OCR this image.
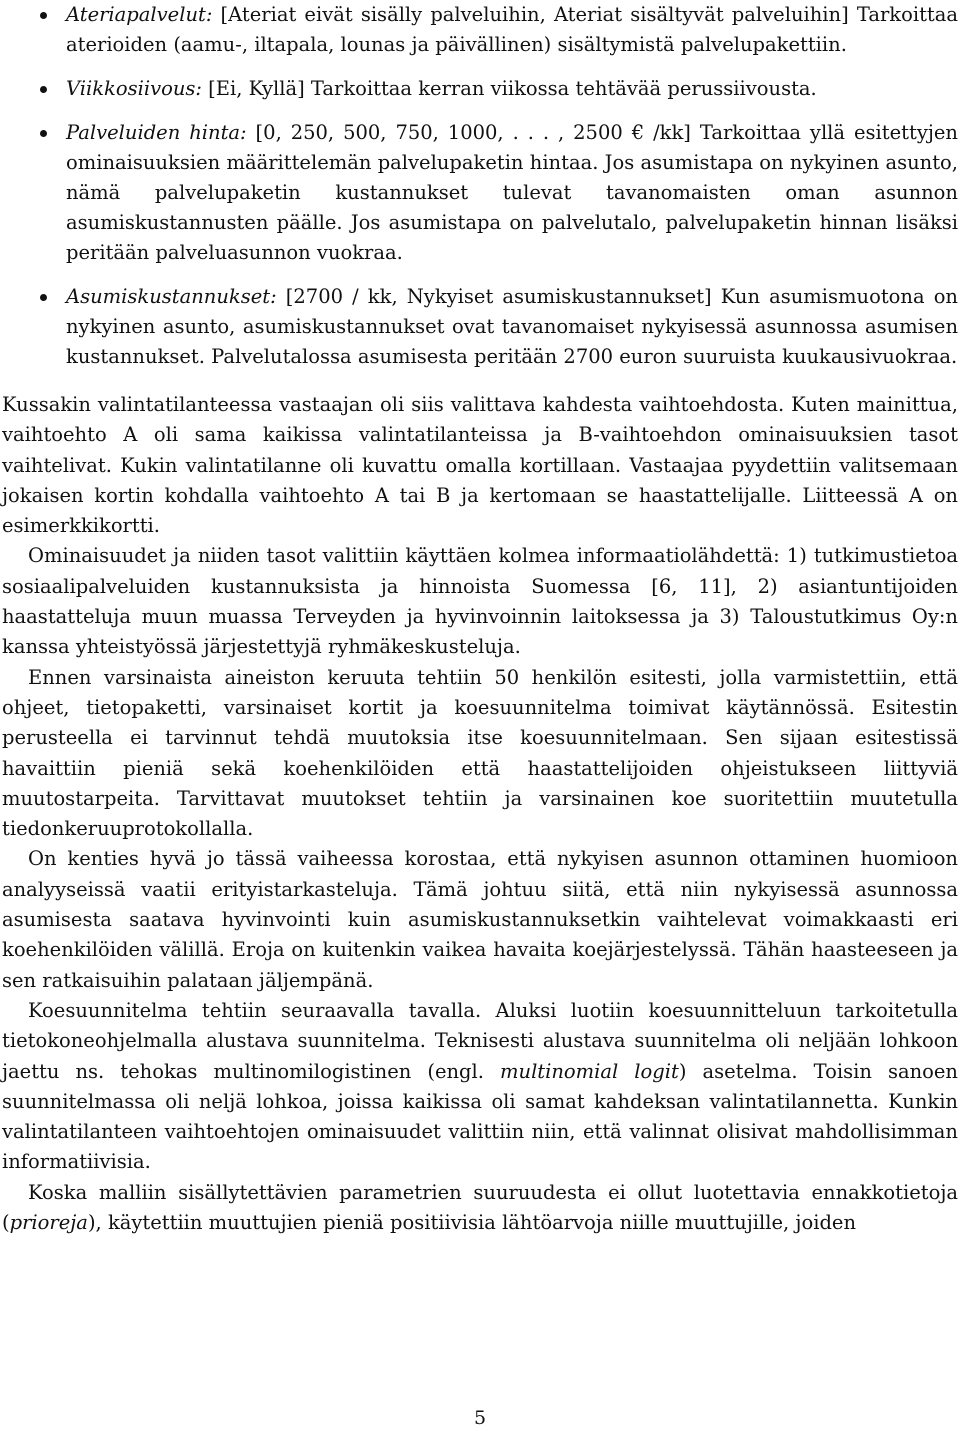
Ateriapalvelut: [Ateriat eivät sisälly palveluihin, Ateriat sisältyvät palveluihin] Tarkoittaa aterioiden (aamu-, iltapala, lounas ja päivällinen) sisältymistä palvelupakettiin.
Viikkosiivous: [Ei, Kyllä] Tarkoittaa kerran viikossa tehtävää perussiivousta.
Palveluiden hinta: [0, 250, 500, 750, 1000, . . . , 2500 € /kk] Tarkoittaa yllä esitettyjen ominaisuuksien määrittelemän palvelupaketin hintaa. Jos asumistapa on nykyinen asunto, nämä palvelupaketin kustannukset tulevat tavanomaisten oman asunnon asumiskustannusten päälle. Jos asumistapa on palvelutalo, palvelupaketin hinnan lisäksi peritään palveluasunnon vuokraa.
Asumiskustannukset: [2700 / kk, Nykyiset asumiskustannukset] Kun asumismuotona on nykyinen asunto, asumiskustannukset ovat tavanomaiset nykyisessä asunnossa asumisen kustannukset. Palvelutalossa asumisesta peritään 2700 euron suuruista kuukausivuokraa.

Kussakin valintatilanteessa vastaajan oli siis valittava kahdesta vaihtoehdosta. Kuten mainittua, vaihtoehto A oli sama kaikissa valintatilanteissa ja B-vaihtoehdon ominaisuuksien tasot vaihtelivat. Kukin valintatilanne oli kuvattu omalla kortillaan. Vastaajaa pyydettiin valitsemaan jokaisen kortin kohdalla vaihtoehto A tai B ja kertomaan se haastattelijalle. Liitteessä A on esimerkkikortti.

Ominaisuudet ja niiden tasot valittiin käyttäen kolmea informaatiolähdettä: 1) tutkimustietoa sosiaalipalveluiden kustannuksista ja hinnoista Suomessa [6, 11], 2) asiantuntijoiden haastatteluja muun muassa Terveyden ja hyvinvoinnin laitoksessa ja 3) Taloustutkimus Oy:n kanssa yhteistyössä järjestettyjä ryhmäkeskusteluja.

Ennen varsinaista aineiston keruuta tehtiin 50 henkilön esitesti, jolla varmistettiin, että ohjeet, tietopaketti, varsinaiset kortit ja koesuunnitelma toimivat käytännössä. Esitestin perusteella ei tarvinnut tehdä muutoksia itse koesuunnitelmaan. Sen sijaan esitestissä havaittiin pieniä sekä koehenkilöiden että haastattelijoiden ohjeistukseen liittyviä muutostarpeita. Tarvittavat muutokset tehtiin ja varsinainen koe suoritettiin muutetulla tiedonkeruuprotokollalla.

On kenties hyvä jo tässä vaiheessa korostaa, että nykyisen asunnon ottaminen huomioon analyyseissä vaatii erityistarkasteluja. Tämä johtuu siitä, että niin nykyisessä asunnossa asumisesta saatava hyvinvointi kuin asumiskustannuksetkin vaihtelevat voimakkaasti eri koehenkilöiden välillä. Eroja on kuitenkin vaikea havaita koejärjestelyssä. Tähän haasteeseen ja sen ratkaisuihin palataan jäljempänä.

Koesuunnitelma tehtiin seuraavalla tavalla. Aluksi luotiin koesuunnitteluun tarkoitetulla tietokoneohjelmalla alustava suunnitelma. Teknisesti alustava suunnitelma oli neljään lohkoon jaettu ns. tehokas multinomilogistinen (engl. multinomial logit) asetelma. Toisin sanoen suunnitelmassa oli neljä lohkoa, joissa kaikissa oli samat kahdeksan valintatilannetta. Kunkin valintatilanteen vaihtoehtojen ominaisuudet valittiin niin, että valinnat olisivat mahdollisimman informatiivisia.

Koska malliin sisällytettävien parametrien suuruudesta ei ollut luotettavia ennakkotietoja (prioreja), käytettiin muuttujien pieniä positiivisia lähtöarvoja niille muuttujille, joiden

5
